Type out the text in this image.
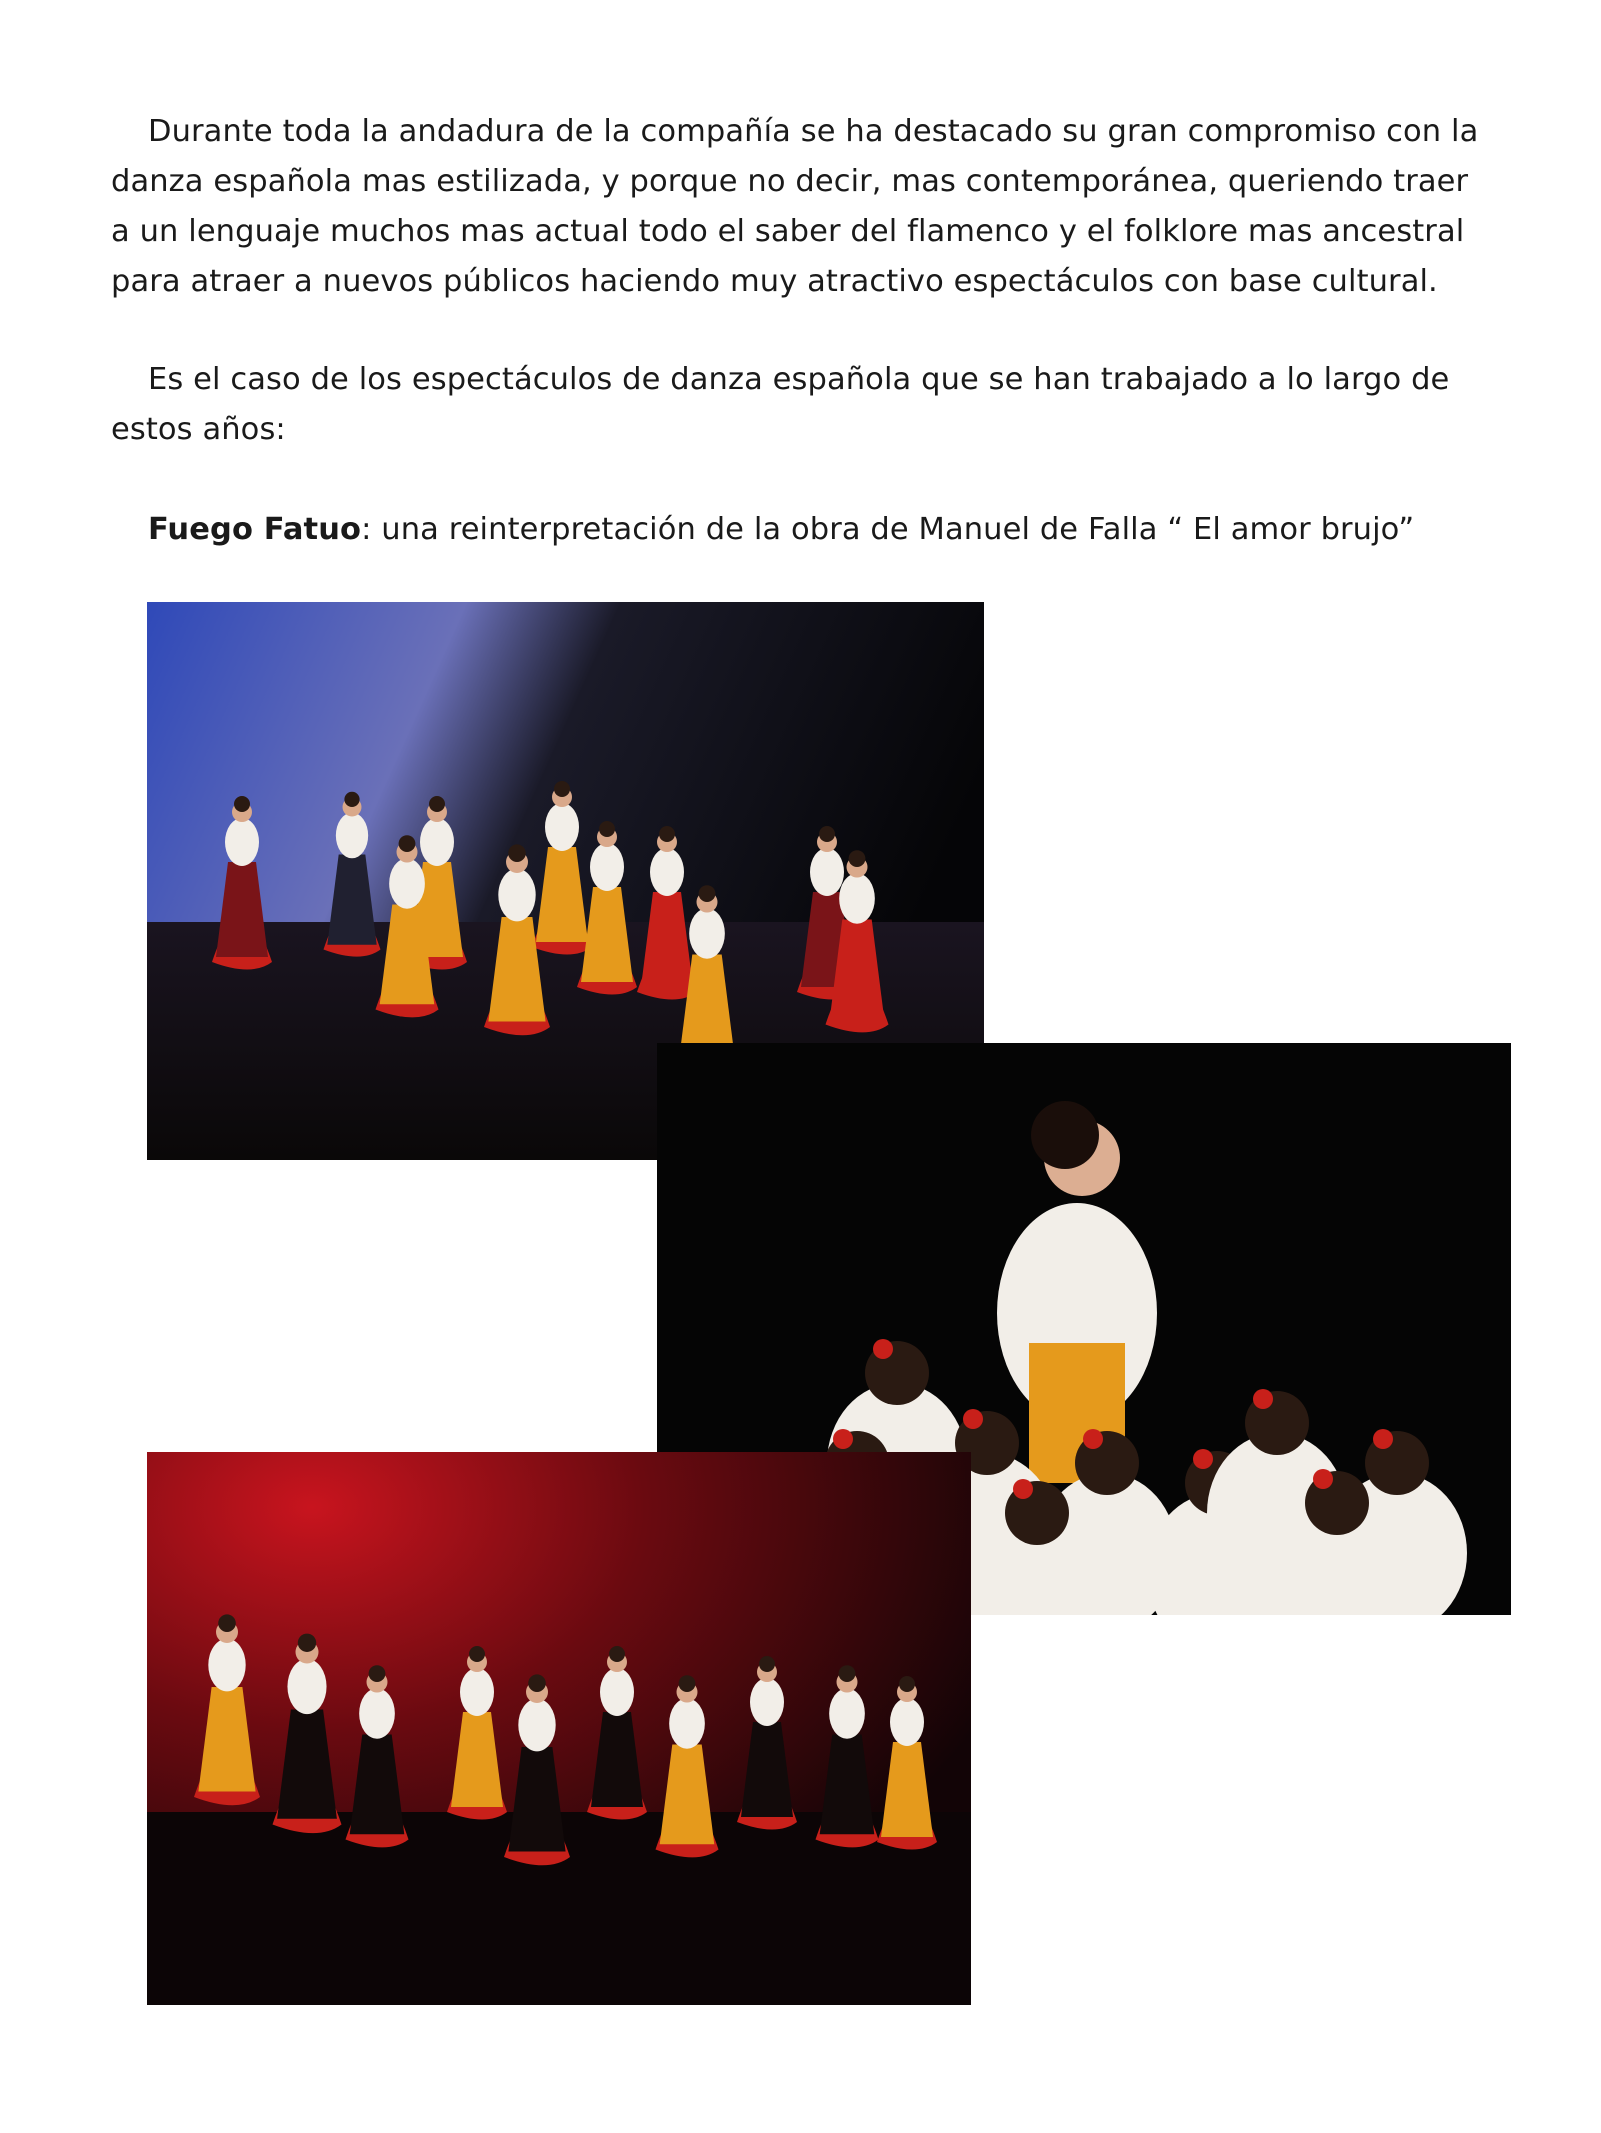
Durante toda la andadura de la compañía se ha destacado su gran compromiso con la danza española mas estilizada, y porque no decir, mas contemporánea, queriendo traer a un lenguaje muchos mas actual todo el saber del flamenco y el folklore mas ancestral para atraer a nuevos públicos haciendo muy atractivo espectáculos con base cultural.

Es el caso de los espectáculos de danza española que se han trabajado a lo largo de estos años:

Fuego Fatuo: una reinterpretación de la obra de Manuel de Falla “ El amor brujo”
